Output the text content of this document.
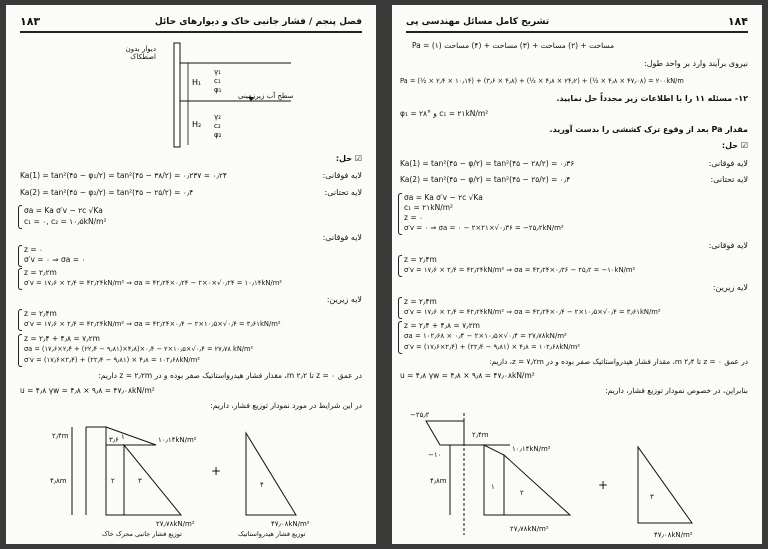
۱۸۳	فصل پنجم / فشار جانبی خاک و دیوارهای حائل
H₁
H₂
γ₁
c₁
φ₁
γ₂
c₂
φ₂
دیوار بدون اصطکاک
سطح آب زیرزمینی
☑ حل:
لایه فوقانی:
Ka(1) = tan²(۴۵ − φ₁/۲) = tan²(۴۵ − ۳۸/۲) = ۰٫۲۳۷ = ۰٫۲۴
لایه تحتانی:
Ka(2) = tan²(۴۵ − φ₂/۲) = tan²(۴۵ − ۲۵/۲) = ۰٫۴
σa = Ka σ′v − ۲c √Ka
c₁ = ۰, c₂ = ۱۰٫۵kN/m²
لایه فوقانی:
z = ۰
σ′v = ۰ ⇒ σa = ۰
z = ۲٫۲m
σ′v = ۱۷٫۶ × ۲٫۴ = ۴۲٫۲۴kN/m² ⇒ σa = ۴۲٫۲۴×۰٫۲۴ − ۲×۰×√۰٫۲۴ = ۱۰٫۱۴kN/m²
لایه زیرین:
z = ۲٫۴m
σ′v = ۱۷٫۶ × ۲٫۴ = ۴۲٫۲۴kN/m² ⇒ σa = ۴۲٫۲۴×۰٫۴ − ۲×۱۰٫۵×√۰٫۴ = ۳٫۶۱kN/m²
z = ۲٫۴ + ۴٫۸ = ۷٫۲m
σa = (۱۷٫۶×۲٫۴ + (۲۲٫۴ − ۹٫۸۱)×۴٫۸)×۰٫۴ − ۲×۱۰٫۵×√۰٫۴ = ۲۷٫۷۸ kN/m²
σ′v = (۱۷٫۶×۲٫۴) + (۲۲٫۴ − ۹٫۸۱) × ۴٫۸ = ۱۰۲٫۶۸kN/m²
در عمق z = ۰ تا ۲٫۲ m، مقدار فشار هیدرواستاتیک صفر بوده و در z = ۲٫۲m داریم:
u = ۴٫۸ γw = ۴٫۸ × ۹٫۸ = ۴۷٫۰۸kN/m²
در این شرایط در مورد نمودار توزیع فشار، داریم:
۲٫۴m
۴٫۸m
۱۰٫۱۴kN/m²
۳٫۶
۲۷٫۷۸kN/m²	۴۷٫۰۸kN/m²
۱
۲	۳	۴
+
توزیع فشار جانبی محرک خاک	توزیع فشار هیدرواستاتیک
۱۸۴
تشریح کامل مسائل مهندسی پی
Pa = (۱) مساحت + (۲) مساحت + (۳) مساحت + (۴) مساحت
نیروی برآیند وارد بر واحد طول:
Pa = (½ × ۲٫۴ × ۱۰٫۱۴) + (۳٫۶ × ۴٫۸) + (½ × ۴٫۸ × ۲۴٫۲) + (½ × ۴٫۸ × ۴۷٫۰۸) = ۲۰۰kN/m
۱۲- مسئله ۱۱ را با اطلاعات زیر مجدداً حل نمایید.
φ₁ = ۲۸° و c₁ = ۲۱kN/m²
مقدار Pa بعد از وقوع ترک کششی را بدست آورید.
☑ حل:
لایه فوقانی:
Ka(1) = tan²(۴۵ − φ/۲) = tan²(۴۵ − ۲۸/۲) = ۰٫۳۶
لایه تحتانی:
Ka(2) = tan²(۴۵ − φ/۲) = tan²(۴۵ − ۲۵/۲) = ۰٫۴
σa = Ka σ′v − ۲c √Ka
c₁ = ۲۱kN/m²
z = ۰
σ′v = ۰ ⇒ σa = ۰ − ۲×۲۱×√۰٫۳۶ = −۲۵٫۲kN/m²
لایه فوقانی:
z = ۲٫۴m
σ′v = ۱۷٫۶ × ۲٫۴ = ۴۲٫۲۴kN/m² ⇒ σa = ۴۲٫۲۴×۰٫۳۶ − ۲۵٫۲ = −۱۰kN/m²
لایه زیرین:
z = ۲٫۴m
σ′v = ۱۷٫۶ × ۲٫۴ = ۴۲٫۲۴kN/m² ⇒ σa = ۴۲٫۲۴×۰٫۴ − ۲×۱۰٫۵×√۰٫۴ = ۳٫۶۱kN/m²
z = ۲٫۴ + ۴٫۸ = ۷٫۲m
σa = ۱۰۲٫۶۸ × ۰٫۴ − ۲×۱۰٫۵×√۰٫۴ = ۲۷٫۷۸kN/m²
σ′v = (۱۷٫۶×۲٫۴) + (۲۲٫۴ − ۹٫۸۱) × ۴٫۸ = ۱۰۲٫۶۸kN/m²
در عمق z = ۰ تا ۲٫۴ m، مقدار فشار هیدرواستاتیک صفر بوده و در z = ۷٫۲m، داریم:
u = ۴٫۸ γw = ۴٫۸ × ۹٫۸ = ۴۷٫۰۸kN/m²
بنابراین، در خصوص نمودار توزیع فشار، داریم:
−۲۵٫۲
−۱۰
۲٫۴m
۴٫۸m
۱۰٫۱۴kN/m²
۲۷٫۷۸kN/m²
۴۷٫۰۸kN/m²
۱
۲	۳
+
